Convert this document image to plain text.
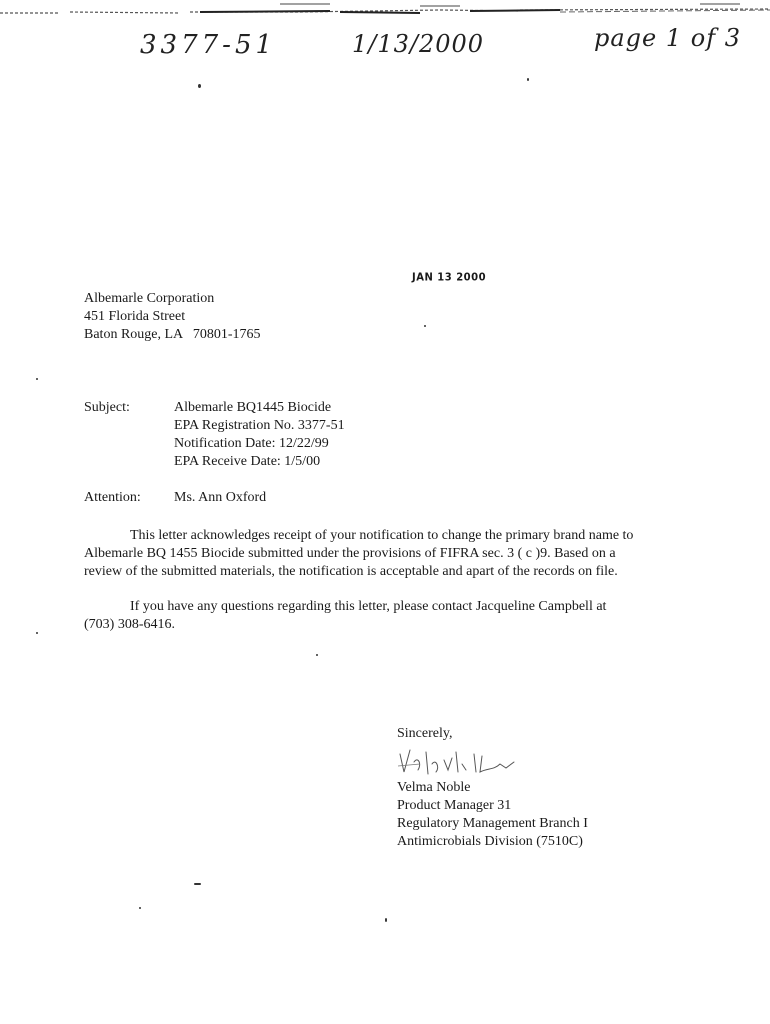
3377-51	1/13/2000	page 1 of 3
JAN 13 2000
Albemarle Corporation
451 Florida Street
Baton Rouge, LA   70801-1765
Subject:	Albemarle BQ1445 Biocide
EPA Registration No. 3377-51
Notification Date: 12/22/99
EPA Receive Date: 1/5/00
Attention: Ms. Ann Oxford
This letter acknowledges receipt of your notification to change the primary brand name to
Albemarle BQ 1455 Biocide submitted under the provisions of FIFRA sec. 3 ( c )9. Based on a
review of the submitted materials, the notification is acceptable and apart of the records on file.
If you have any questions regarding this letter, please contact Jacqueline Campbell at
(703) 308-6416.
Sincerely,
Velma Noble
Product Manager 31
Regulatory Management Branch I
Antimicrobials Division (7510C)
